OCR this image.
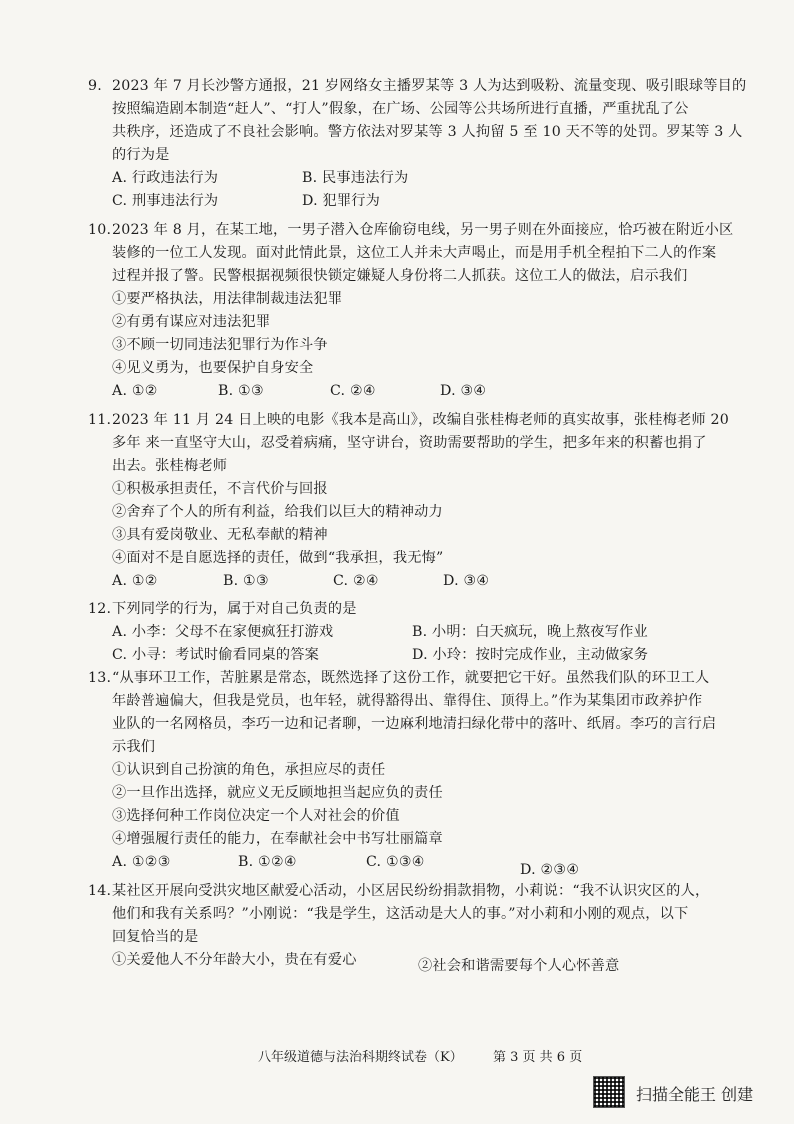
9. 2023 年 7 月长沙警方通报，21 岁网络女主播罗某等 3 人为达到吸粉、流量变现、吸引眼球等目的
按照编造剧本制造“赶人”、“打人”假象，在广场、公园等公共场所进行直播，严重扰乱了公
共秩序，还造成了不良社会影响。警方依法对罗某等 3 人拘留 5 至 10 天不等的处罚。罗某等 3 人
的行为是
A. 行政违法行为	B. 民事违法行为
C. 刑事违法行为	D. 犯罪行为
10.2023 年 8 月，在某工地，一男子潜入仓库偷窃电线，另一男子则在外面接应，恰巧被在附近小区
装修的一位工人发现。面对此情此景，这位工人并未大声喝止，而是用手机全程拍下二人的作案
过程并报了警。民警根据视频很快锁定嫌疑人身份将二人抓获。这位工人的做法，启示我们
①要严格执法，用法律制裁违法犯罪
②有勇有谋应对违法犯罪
③不顾一切同违法犯罪行为作斗争
④见义勇为，也要保护自身安全
A. ①②	B. ①③	C. ②④	D. ③④
11.2023 年 11 月 24 日上映的电影《我本是高山》，改编自张桂梅老师的真实故事，张桂梅老师 20
多年 来一直坚守大山，忍受着病痛，坚守讲台，资助需要帮助的学生，把多年来的积蓄也捐了
出去。张桂梅老师
①积极承担责任，不言代价与回报
②舍弃了个人的所有利益，给我们以巨大的精神动力
③具有爱岗敬业、无私奉献的精神
④面对不是自愿选择的责任，做到“我承担，我无悔”
A. ①②	B. ①③	C. ②④	D. ③④
12.下列同学的行为，属于对自己负责的是
A. 小李：父母不在家便疯狂打游戏	B. 小明：白天疯玩，晚上熬夜写作业
C. 小寻：考试时偷看同桌的答案	D. 小玲：按时完成作业，主动做家务
13.“从事环卫工作，苦脏累是常态，既然选择了这份工作，就要把它干好。虽然我们队的环卫工人
年龄普遍偏大，但我是党员，也年轻，就得豁得出、靠得住、顶得上。”作为某集团市政养护作
业队的一名网格员，李巧一边和记者聊，一边麻利地清扫绿化带中的落叶、纸屑。李巧的言行启
示我们
①认识到自己扮演的角色，承担应尽的责任
②一旦作出选择，就应义无反顾地担当起应负的责任
③选择何种工作岗位决定一个人对社会的价值
④增强履行责任的能力，在奉献社会中书写壮丽篇章
A. ①②③	B. ①②④	C. ①③④	D. ②③④
14.某社区开展向受洪灾地区献爱心活动，小区居民纷纷捐款捐物，小莉说：“我不认识灾区的人，
他们和我有关系吗？”小刚说：“我是学生，这活动是大人的事。”对小莉和小刚的观点，以下
回复恰当的是
①关爱他人不分年龄大小，贵在有爱心	②社会和谐需要每个人心怀善意
八年级道德与法治科期终试卷（K） 第 3 页 共 6 页
扫描全能王 创建
